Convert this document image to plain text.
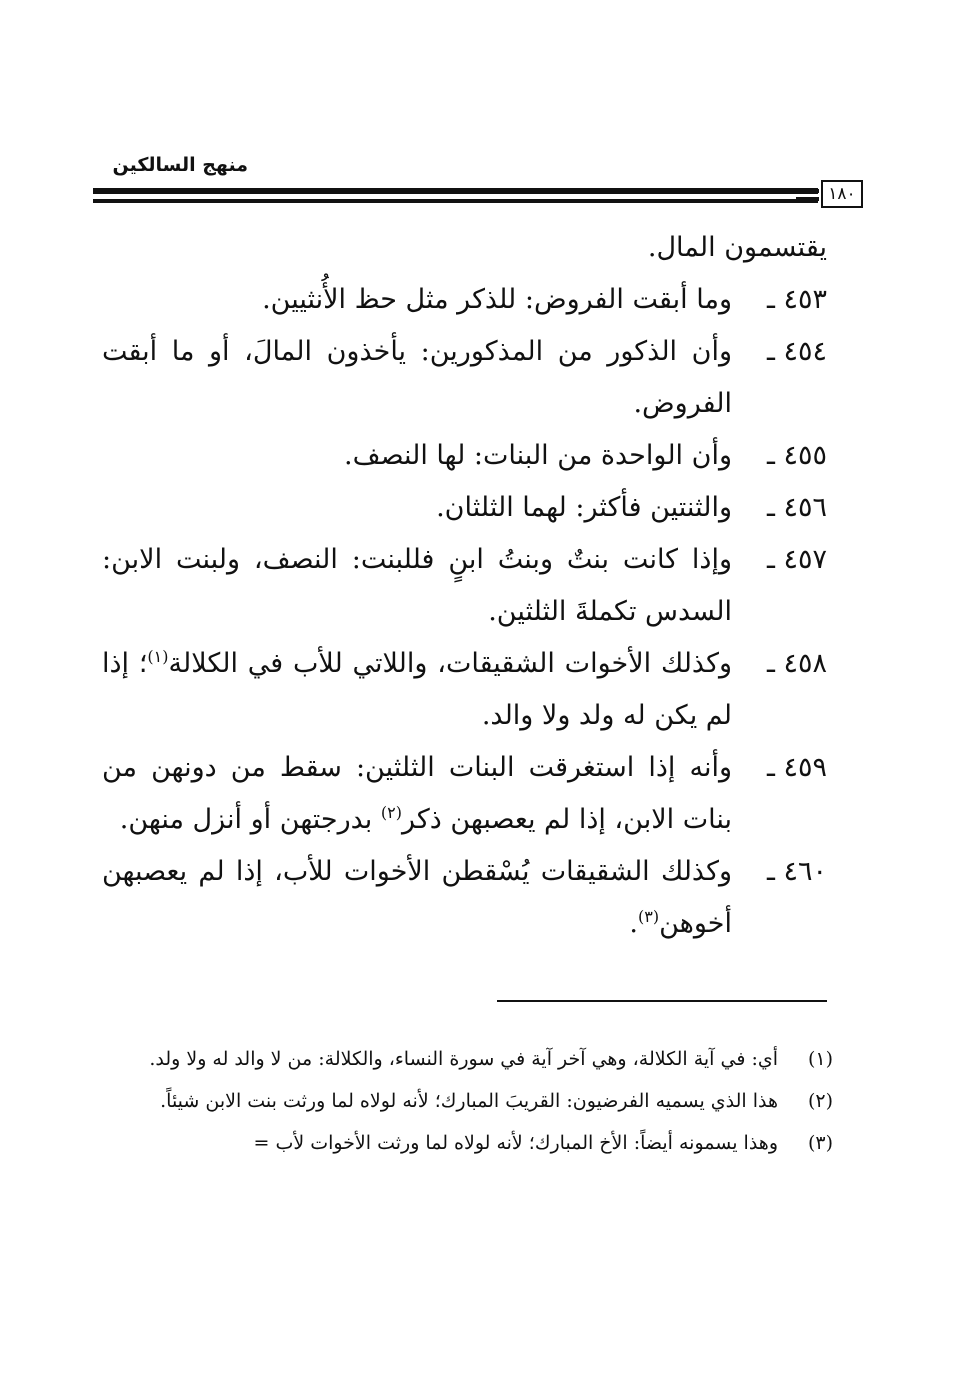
منهج السالكين
١٨٠

يقتسمون المال.

٤٥٣ ـ
وما أبقت الفروض: للذكر مثل حظ الأُنثيين.

٤٥٤ ـ
وأن الذكور من المذكورين: يأخذون المالَ، أو ما أبقت الفروض.

٤٥٥ ـ
وأن الواحدة من البنات: لها النصف.

٤٥٦ ـ
والثنتين فأكثر: لهما الثلثان.

٤٥٧ ـ
وإذا كانت بنتٌ وبنتُ ابنٍ فللبنت: النصف، ولبنت الابن: السدس تكملةَ الثلثين.

٤٥٨ ـ
وكذلك الأخوات الشقيقات، واللاتي للأب في الكلالة$^{(١)}$؛ إذا لم يكن له ولد ولا والد.

٤٥٩ ـ
وأنه إذا استغرقت البنات الثلثين: سقط من دونهن من بنات الابن، إذا لم يعصبهن ذكر$^{(٢)}$ بدرجتهن أو أنزل منهن.

٤٦٠ ـ
وكذلك الشقيقات يُسْقطن الأخوات للأب، إذا لم يعصبهن أخوهن$^{(٣)}$.

(١)
أي: في آية الكلالة، وهي آخر آية في سورة النساء، والكلالة: من لا والد له ولا ولد.

(٢)
هذا الذي يسميه الفرضيون: القريبَ المبارك؛ لأنه لولاه لما ورثت بنت الابن شيئاً.

(٣)
وهذا يسمونه أيضاً: الأخ المبارك؛ لأنه لولاه لما ورثت الأخوات لأب =
